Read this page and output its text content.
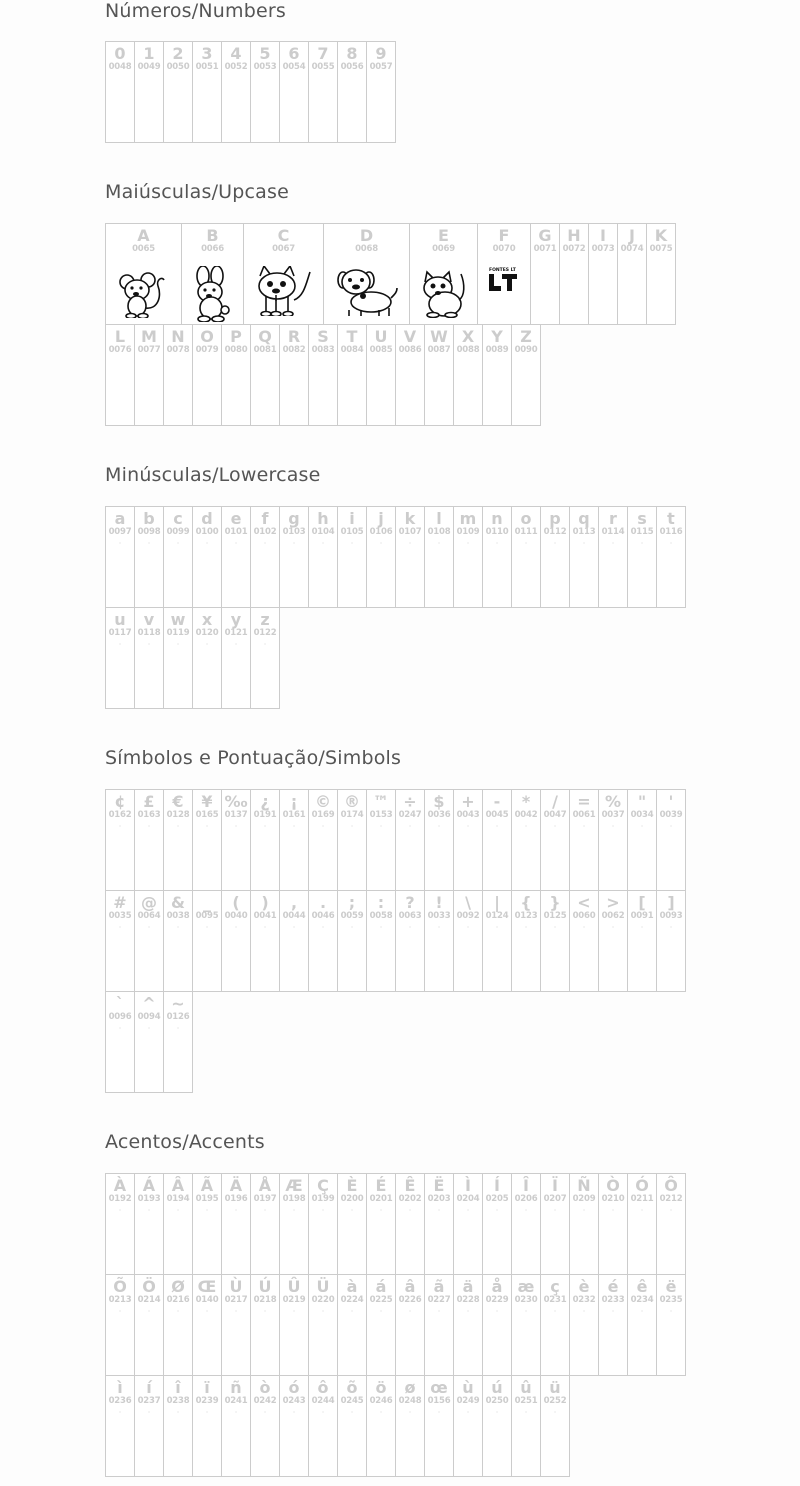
Números/Numbers
0
0048
1
0049
2
0050
3
0051
4
0052
5
0053
6
0054
7
0055
8
0056
9
0057
Maiúsculas/Upcase
A
0065
B
0066
C
0067
D
0068
E
0069
F
0070
FONTES LT
G
0071
H
0072
I
0073
J
0074
K
0075
L
0076
M
0077
N
0078
O
0079
P
0080
Q
0081
R
0082
S
0083
T
0084
U
0085
V
0086
W
0087
X
0088
Y
0089
Z
0090
Minúsculas/Lowercase
a
0097
·
b
0098
·
c
0099
·
d
0100
·
e
0101
·
f
0102
·
g
0103
·
h
0104
·
i
0105
·
j
0106
·
k
0107
·
l
0108
·
m
0109
·
n
0110
·
o
0111
·
p
0112
·
q
0113
·
r
0114
·
s
0115
·
t
0116
·
u
0117
·
v
0118
·
w
0119
·
x
0120
·
y
0121
·
z
0122
·
Símbolos e Pontuação/Simbols
¢
0162
·
£
0163
·
€
0128
·
¥
0165
·
‰
0137
·
¿
0191
·
¡
0161
·
©
0169
·
®
0174
·
™
0153
·
÷
0247
·
$
0036
·
+
0043
·
-
0045
·
*
0042
·
/
0047
·
=
0061
·
%
0037
·
"
0034
·
'
0039
·
#
0035
·
@
0064
·
&
0038
·
_
0095
·
(
0040
·
)
0041
·
,
0044
·
.
0046
·
;
0059
·
:
0058
·
?
0063
·
!
0033
·
\
0092
·
|
0124
·
{
0123
·
}
0125
·
<
0060
·
>
0062
·
[
0091
·
]
0093
·
`
0096
·
^
0094
·
~
0126
·
Acentos/Accents
À
0192
·
Á
0193
·
Â
0194
·
Ã
0195
·
Ä
0196
·
Å
0197
·
Æ
0198
·
Ç
0199
·
È
0200
·
É
0201
·
Ê
0202
·
Ë
0203
·
Ì
0204
·
Í
0205
·
Î
0206
·
Ï
0207
·
Ñ
0209
·
Ò
0210
·
Ó
0211
·
Ô
0212
·
Õ
0213
·
Ö
0214
·
Ø
0216
·
Œ
0140
·
Ù
0217
·
Ú
0218
·
Û
0219
·
Ü
0220
·
à
0224
·
á
0225
·
â
0226
·
ã
0227
·
ä
0228
·
å
0229
·
æ
0230
·
ç
0231
·
è
0232
·
é
0233
·
ê
0234
·
ë
0235
·
ì
0236
·
í
0237
·
î
0238
·
ï
0239
·
ñ
0241
·
ò
0242
·
ó
0243
·
ô
0244
·
õ
0245
·
ö
0246
·
ø
0248
·
œ
0156
·
ù
0249
·
ú
0250
·
û
0251
·
ü
0252
·
